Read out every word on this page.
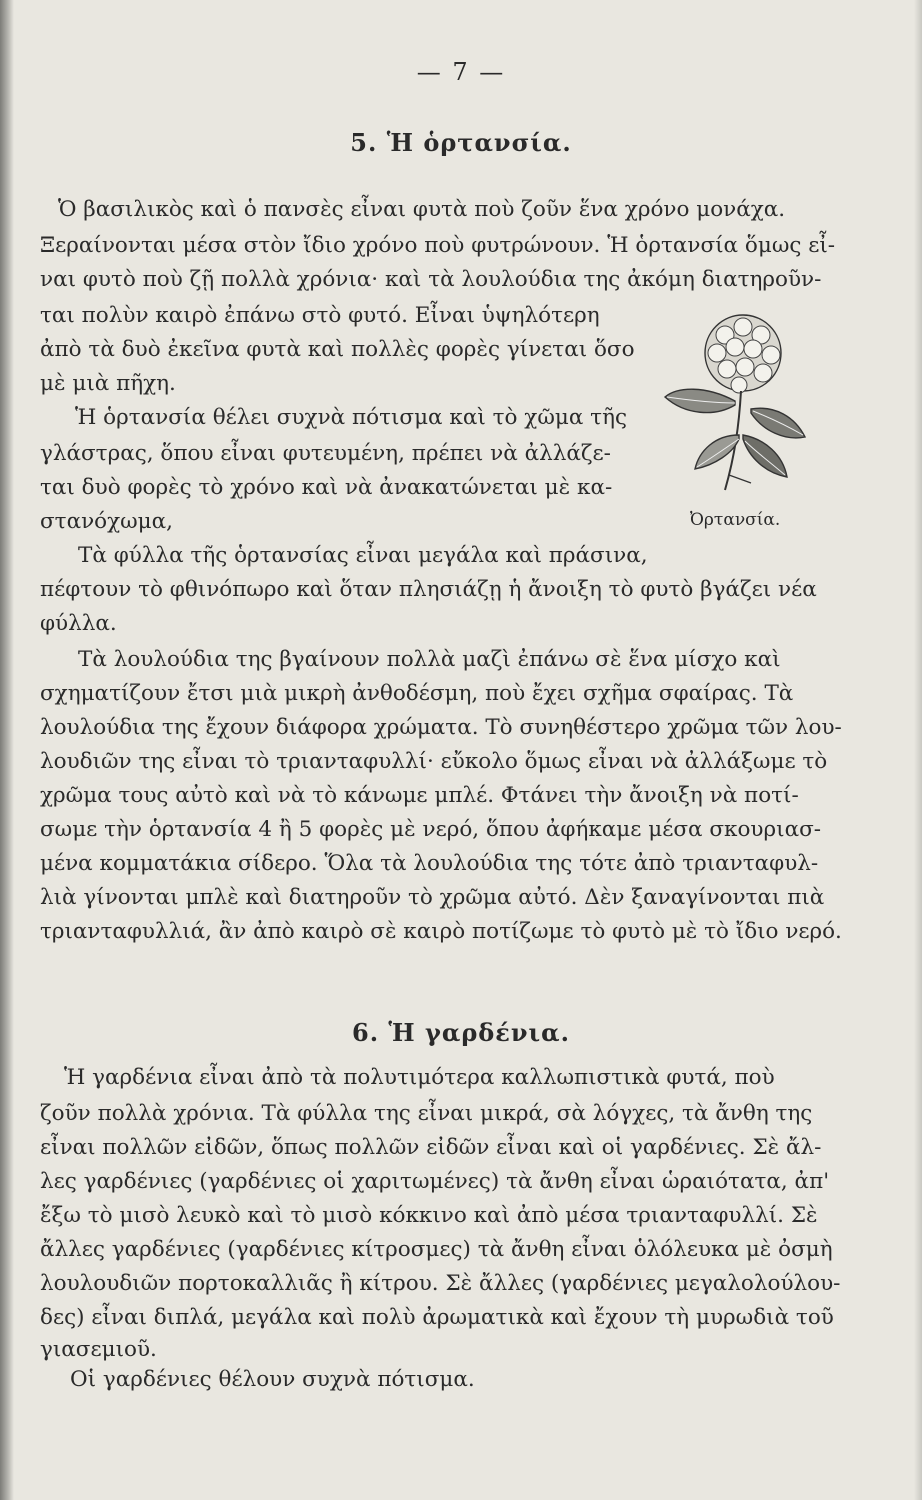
— 7 —
5. Ἡ ὁρτανσία.

Ὁ βασιλικὸς καὶ ὁ πανσὲς εἶναι φυτὰ ποὺ ζοῦν ἕνα χρόνο μονάχα.

Ξεραίνονται μέσα στὸν ἴδιο χρόνο ποὺ φυτρώνουν. Ἡ ὁρτανσία ὅμως εἶ-

ναι φυτὸ ποὺ ζῇ πολλὰ χρόνια· καὶ τὰ λουλούδια της ἀκόμη διατηροῦν-

ται πολὺν καιρὸ ἐπάνω στὸ φυτό. Εἶναι ὑψηλότερη

ἀπὸ τὰ δυὸ ἐκεῖνα φυτὰ καὶ πολλὲς φορὲς γίνεται ὅσο

μὲ μιὰ πῆχη.

Ἡ ὁρτανσία θέλει συχνὰ πότισμα καὶ τὸ χῶμα τῆς

γλάστρας, ὅπου εἶναι φυτευμένη, πρέπει νὰ ἀλλάζε-

ται δυὸ φορὲς τὸ χρόνο καὶ νὰ ἀνακατώνεται μὲ κα-

στανόχωμα,

Τὰ φύλλα τῆς ὁρτανσίας εἶναι μεγάλα καὶ πράσινα,

πέφτουν τὸ φθινόπωρο καὶ ὅταν πλησιάζῃ ἡ ἄνοιξη τὸ φυτὸ βγάζει νέα

φύλλα.

Τὰ λουλούδια της βγαίνουν πολλὰ μαζὶ ἐπάνω σὲ ἕνα μίσχο καὶ

σχηματίζουν ἔτσι μιὰ μικρὴ ἀνθοδέσμη, ποὺ ἔχει σχῆμα σφαίρας. Τὰ

λουλούδια της ἔχουν διάφορα χρώματα. Τὸ συνηθέστερο χρῶμα τῶν λου-

λουδιῶν της εἶναι τὸ τριανταφυλλί· εὔκολο ὅμως εἶναι νὰ ἀλλάξωμε τὸ

χρῶμα τους αὐτὸ καὶ νὰ τὸ κάνωμε μπλέ. Φτάνει τὴν ἄνοιξη νὰ ποτί-

σωμε τὴν ὁρτανσία 4 ἢ 5 φορὲς μὲ νερό, ὅπου ἀφήκαμε μέσα σκουριασ-

μένα κομματάκια σίδερο. Ὅλα τὰ λουλούδια της τότε ἀπὸ τριανταφυλ-

λιὰ γίνονται μπλὲ καὶ διατηροῦν τὸ χρῶμα αὐτό. Δὲν ξαναγίνονται πιὰ

τριανταφυλλιά, ἂν ἀπὸ καιρὸ σὲ καιρὸ ποτίζωμε τὸ φυτὸ μὲ τὸ ἴδιο νερό.

Ὀρτανσία.
6. Ἡ γαρδένια.

Ἡ γαρδένια εἶναι ἀπὸ τὰ πολυτιμότερα καλλωπιστικὰ φυτά, ποὺ

ζοῦν πολλὰ χρόνια. Τὰ φύλλα της εἶναι μικρά, σὰ λόγχες, τὰ ἄνθη της

εἶναι πολλῶν εἰδῶν, ὅπως πολλῶν εἰδῶν εἶναι καὶ οἱ γαρδένιες. Σὲ ἄλ-

λες γαρδένιες (γαρδένιες οἱ χαριτωμένες) τὰ ἄνθη εἶναι ὡραιότατα, ἀπ'

ἔξω τὸ μισὸ λευκὸ καὶ τὸ μισὸ κόκκινο καὶ ἀπὸ μέσα τριανταφυλλί. Σὲ

ἄλλες γαρδένιες (γαρδένιες κίτροσμες) τὰ ἄνθη εἶναι ὁλόλευκα μὲ ὀσμὴ

λουλουδιῶν πορτοκαλλιᾶς ἢ κίτρου. Σὲ ἄλλες (γαρδένιες μεγαλολούλου-

δες) εἶναι διπλά, μεγάλα καὶ πολὺ ἀρωματικὰ καὶ ἔχουν τὴ μυρωδιὰ τοῦ

γιασεμιοῦ.

Οἱ γαρδένιες θέλουν συχνὰ πότισμα.
